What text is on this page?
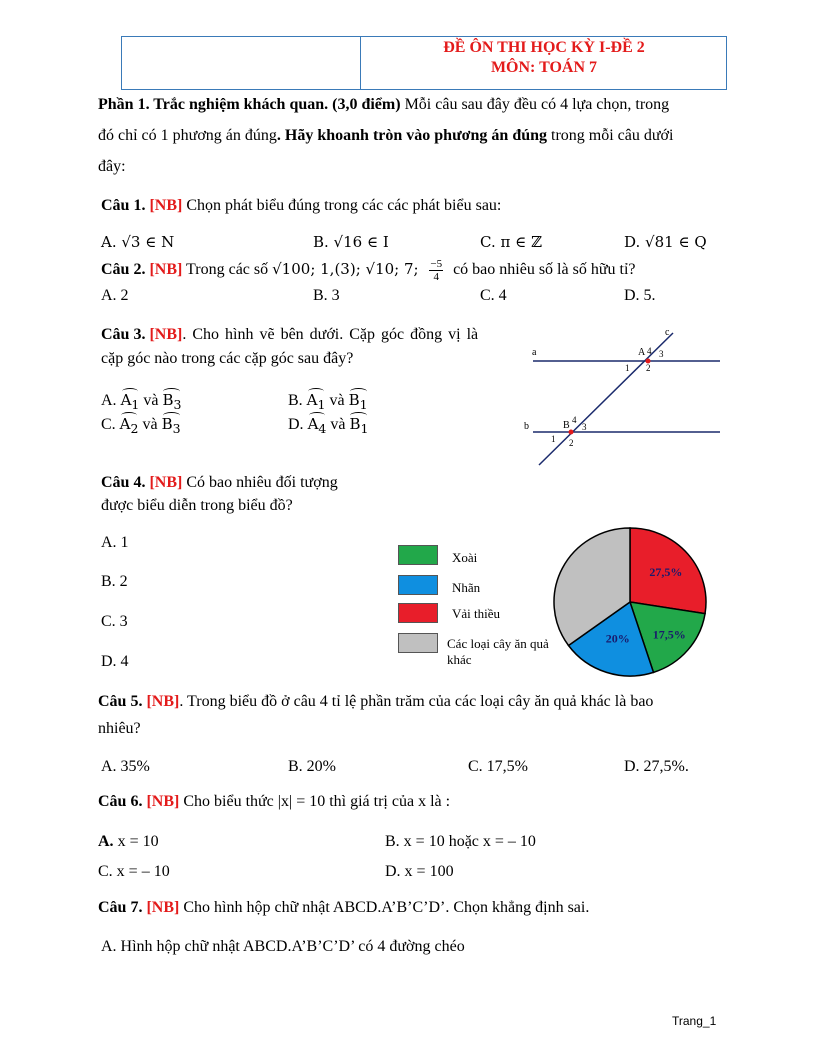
ĐỀ ÔN THI HỌC KỲ I-ĐỀ 2
MÔN: TOÁN 7
Phần 1. Trắc nghiệm khách quan. (3,0 điểm) Mỗi câu sau đây đều có 4 lựa chọn, trong
đó chỉ có 1 phương án đúng. Hãy khoanh tròn vào phương án đúng trong mỗi câu dưới
đây:
Câu 1. [NB] Chọn phát biểu đúng trong các các phát biểu sau:
A. √3 ∈ N	B. √16 ∈ I	C. π ∈ ℤ	D. √81 ∈ Q
Câu 2. [NB] Trong các số √100; 1,(3); √10; 7; $\frac{-5}{4}$ có bao nhiêu số là số hữu tỉ?
A. 2	B. 3	C. 4	D. 5.
Câu 3. [NB]. Cho hình vẽ bên dưới. Cặp góc đồng vị là
cặp góc nào trong các cặp góc sau đây?
A. $A_1$ và $B_3$	B. $A_1$ và $B_1$
C. $A_2$ và $B_3$	D. $A_4$ và $B_1$
c
a
b
A 4 3
1 2
B 4
3
1 2
Câu 4. [NB] Có bao nhiêu đối tượng
được biểu diễn trong biểu đồ?
A. 1
B. 2
C. 3
D. 4
Xoài
Nhãn
Vải thiều
Các loại cây ăn quả khác
27,5%
17,5%
20%
Câu 5. [NB]. Trong biểu đồ ở câu 4 tỉ lệ phần trăm của các loại cây ăn quả khác là bao
nhiêu?
A. 35%	B. 20%	C. 17,5%	D. 27,5%.
Câu 6. [NB] Cho biểu thức |x| = 10 thì giá trị của x là :
A. x = 10	B. x = 10 hoặc x = – 10
C. x = – 10	D. x = 100
Câu 7. [NB] Cho hình hộp chữ nhật ABCD.A’B’C’D’. Chọn khẳng định sai.
A. Hình hộp chữ nhật ABCD.A’B’C’D’ có 4 đường chéo
Trang_1
